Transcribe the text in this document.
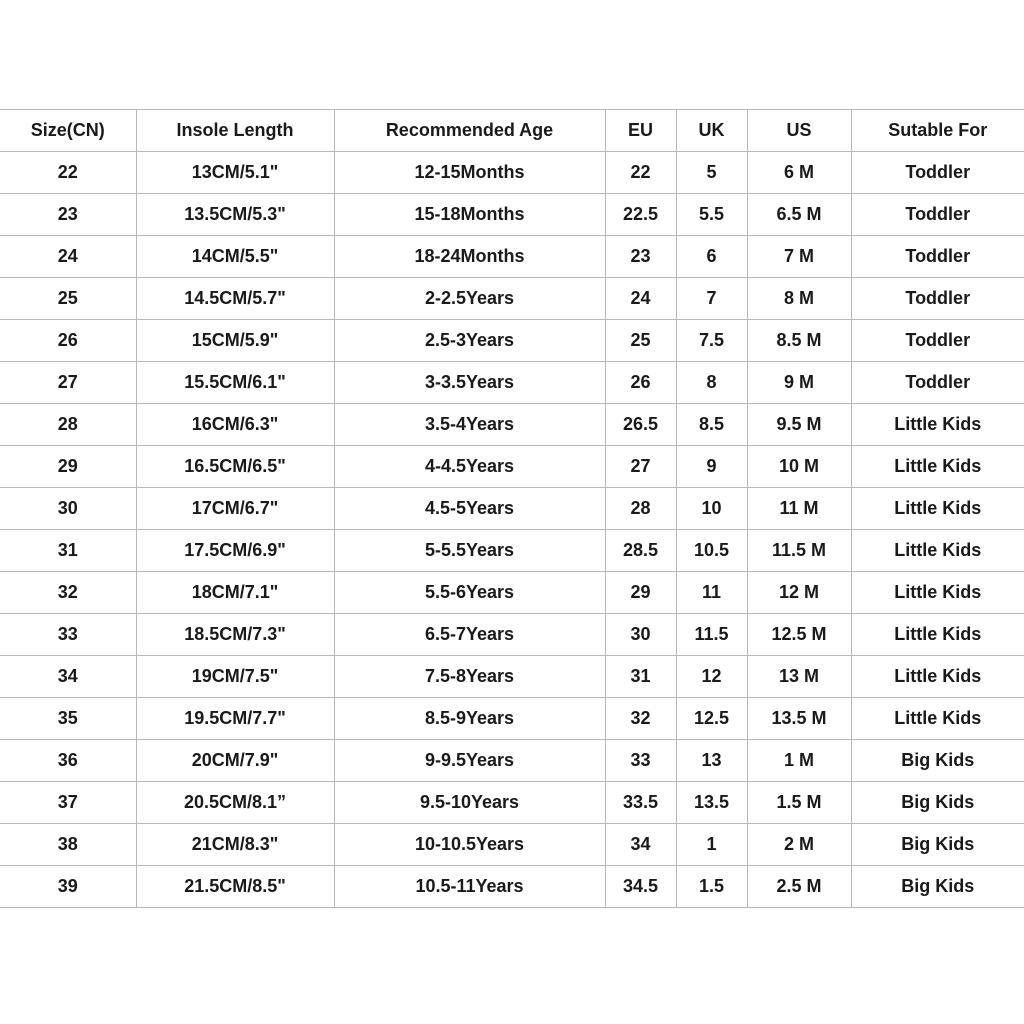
Size(CN)	Insole Length	Recommended Age	EU	UK	US	Sutable For
22	13CM/5.1"	12-15Months	22	5	6 M	Toddler
23	13.5CM/5.3"	15-18Months	22.5	5.5	6.5 M	Toddler
24	14CM/5.5"	18-24Months	23	6	7 M	Toddler
25	14.5CM/5.7"	2-2.5Years	24	7	8 M	Toddler
26	15CM/5.9"	2.5-3Years	25	7.5	8.5 M	Toddler
27	15.5CM/6.1"	3-3.5Years	26	8	9 M	Toddler
28	16CM/6.3"	3.5-4Years	26.5	8.5	9.5 M	Little Kids
29	16.5CM/6.5"	4-4.5Years	27	9	10 M	Little Kids
30	17CM/6.7"	4.5-5Years	28	10	11 M	Little Kids
31	17.5CM/6.9"	5-5.5Years	28.5	10.5	11.5 M	Little Kids
32	18CM/7.1"	5.5-6Years	29	11	12 M	Little Kids
33	18.5CM/7.3"	6.5-7Years	30	11.5	12.5 M	Little Kids
34	19CM/7.5"	7.5-8Years	31	12	13 M	Little Kids
35	19.5CM/7.7"	8.5-9Years	32	12.5	13.5 M	Little Kids
36	20CM/7.9"	9-9.5Years	33	13	1 M	Big Kids
37	20.5CM/8.1”	9.5-10Years	33.5	13.5	1.5 M	Big Kids
38	21CM/8.3"	10-10.5Years	34	1	2 M	Big Kids
39	21.5CM/8.5"	10.5-11Years	34.5	1.5	2.5 M	Big Kids
